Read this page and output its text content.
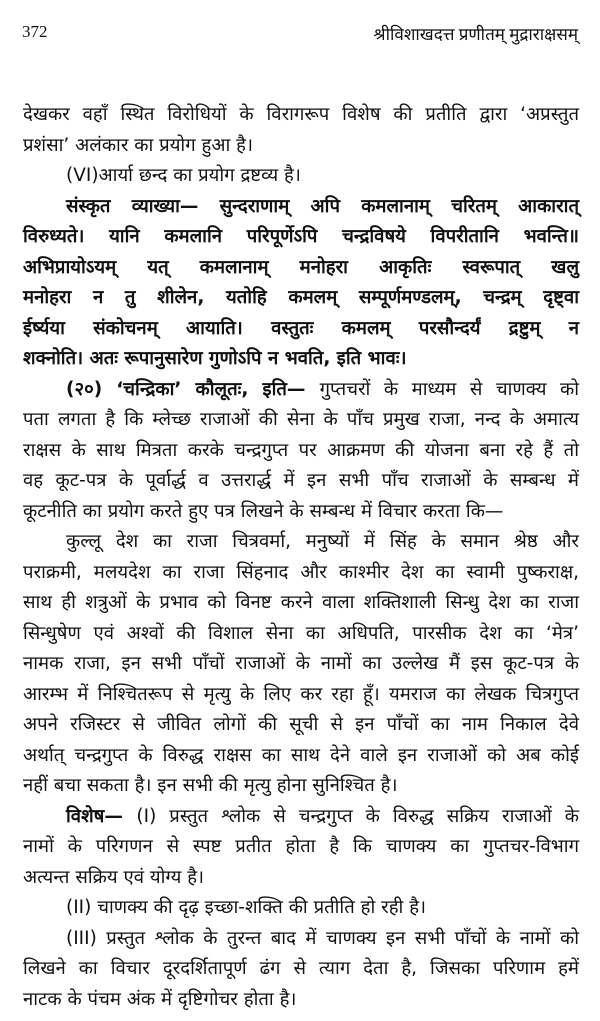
372	श्रीविशाखदत्त प्रणीतम् मुद्राराक्षसम्
देखकर वहाँ स्थित विरोधियों के विरागरूप विशेष की प्रतीति द्वारा ‘अप्रस्तुत
प्रशंसा’ अलंकार का प्रयोग हुआ है।
(VI)आर्या छन्द का प्रयोग द्रष्टव्य है।
संस्कृत व्याख्या— सुन्दराणाम् अपि कमलानाम् चरितम् आकारात्
विरुध्यते। यानि कमलानि परिपूर्णेऽपि चन्द्रविषये विपरीतानि भवन्ति॥
अभिप्रायोऽयम् यत् कमलानाम् मनोहरा आकृतिः स्वरूपात् खलु
मनोहरा न तु शीलेन, यतोहि कमलम् सम्पूर्णमण्डलम्, चन्द्रम् दृष्ट्वा
ईर्ष्यया संकोचनम् आयाति। वस्तुतः कमलम् परसौन्दर्यं द्रष्टुम् न
शक्नोति। अतः रूपानुसारेण गुणोऽपि न भवति, इति भावः।
(२०) ‘चन्द्रिका’ कौलूतः, इति— गुप्तचरों के माध्यम से चाणक्य को
पता लगता है कि म्लेच्छ राजाओं की सेना के पाँच प्रमुख राजा, नन्द के अमात्य
राक्षस के साथ मित्रता करके चन्द्रगुप्त पर आक्रमण की योजना बना रहे हैं तो
वह कूट-पत्र के पूर्वार्द्ध व उत्तरार्द्ध में इन सभी पाँच राजाओं के सम्बन्ध में
कूटनीति का प्रयोग करते हुए पत्र लिखने के सम्बन्ध में विचार करता कि—
कुल्लू देश का राजा चित्रवर्मा, मनुष्यों में सिंह के समान श्रेष्ठ और
पराक्रमी, मलयदेश का राजा सिंहनाद और काश्मीर देश का स्वामी पुष्कराक्ष,
साथ ही शत्रुओं के प्रभाव को विनष्ट करने वाला शक्तिशाली सिन्धु देश का राजा
सिन्धुषेण एवं अश्वों की विशाल सेना का अधिपति, पारसीक देश का ‘मेत्र’
नामक राजा, इन सभी पाँचों राजाओं के नामों का उल्लेख मैं इस कूट-पत्र के
आरम्भ में निश्चितरूप से मृत्यु के लिए कर रहा हूँ। यमराज का लेखक चित्रगुप्त
अपने रजिस्टर से जीवित लोगों की सूची से इन पाँचों का नाम निकाल देवे
अर्थात् चन्द्रगुप्त के विरुद्ध राक्षस का साथ देने वाले इन राजाओं को अब कोई
नहीं बचा सकता है। इन सभी की मृत्यु होना सुनिश्चित है।
विशेष— (I) प्रस्तुत श्लोक से चन्द्रगुप्त के विरुद्ध सक्रिय राजाओं के
नामों के परिगणन से स्पष्ट प्रतीत होता है कि चाणक्य का गुप्तचर-विभाग
अत्यन्त सक्रिय एवं योग्य है।
(II) चाणक्य की दृढ़ इच्छा-शक्ति की प्रतीति हो रही है।
(III) प्रस्तुत श्लोक के तुरन्त बाद में चाणक्य इन सभी पाँचों के नामों को
लिखने का विचार दूरदर्शितापूर्ण ढंग से त्याग देता है, जिसका परिणाम हमें
नाटक के पंचम अंक में दृष्टिगोचर होता है।
